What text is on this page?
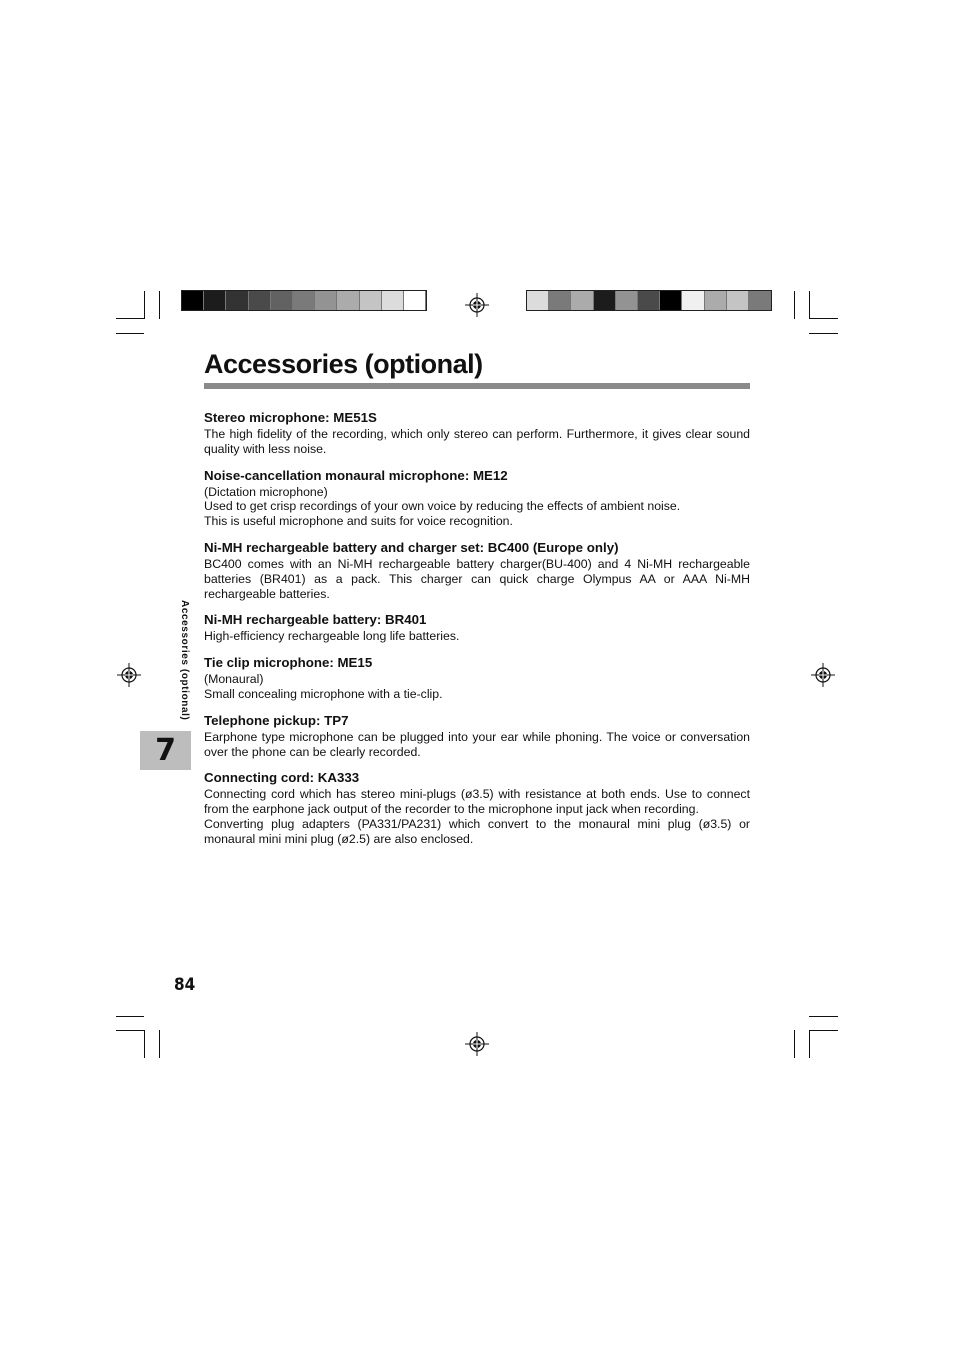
Accessories (optional)
Accessories (optional)
7
Stereo microphone: ME51S

The high fidelity of the recording, which only stereo can perform. Furthermore, it gives clear sound quality with less noise.

Noise-cancellation monaural microphone: ME12

(Dictation microphone)

Used to get crisp recordings of your own voice by reducing the effects of ambient noise.

This is useful microphone and suits for voice recognition.

Ni-MH rechargeable battery and charger set: BC400 (Europe only)

BC400 comes with an Ni-MH rechargeable battery charger(BU-400) and 4 Ni-MH rechargeable batteries (BR401) as a pack. This charger can quick charge Olympus AA or AAA Ni-MH rechargeable batteries.

Ni-MH rechargeable battery: BR401

High-efficiency rechargeable long life batteries.

Tie clip microphone: ME15

(Monaural)

Small concealing microphone with a tie-clip.

Telephone pickup: TP7

Earphone type microphone can be plugged into your ear while phoning. The voice or conversation over the phone can be clearly recorded.

Connecting cord: KA333

Connecting cord which has stereo mini-plugs (ø3.5) with resistance at both ends. Use to connect from the earphone jack output of the recorder to the microphone input jack when recording.

Converting plug adapters (PA331/PA231) which convert to the monaural mini plug (ø3.5) or monaural mini mini plug (ø2.5) are also enclosed.

84
